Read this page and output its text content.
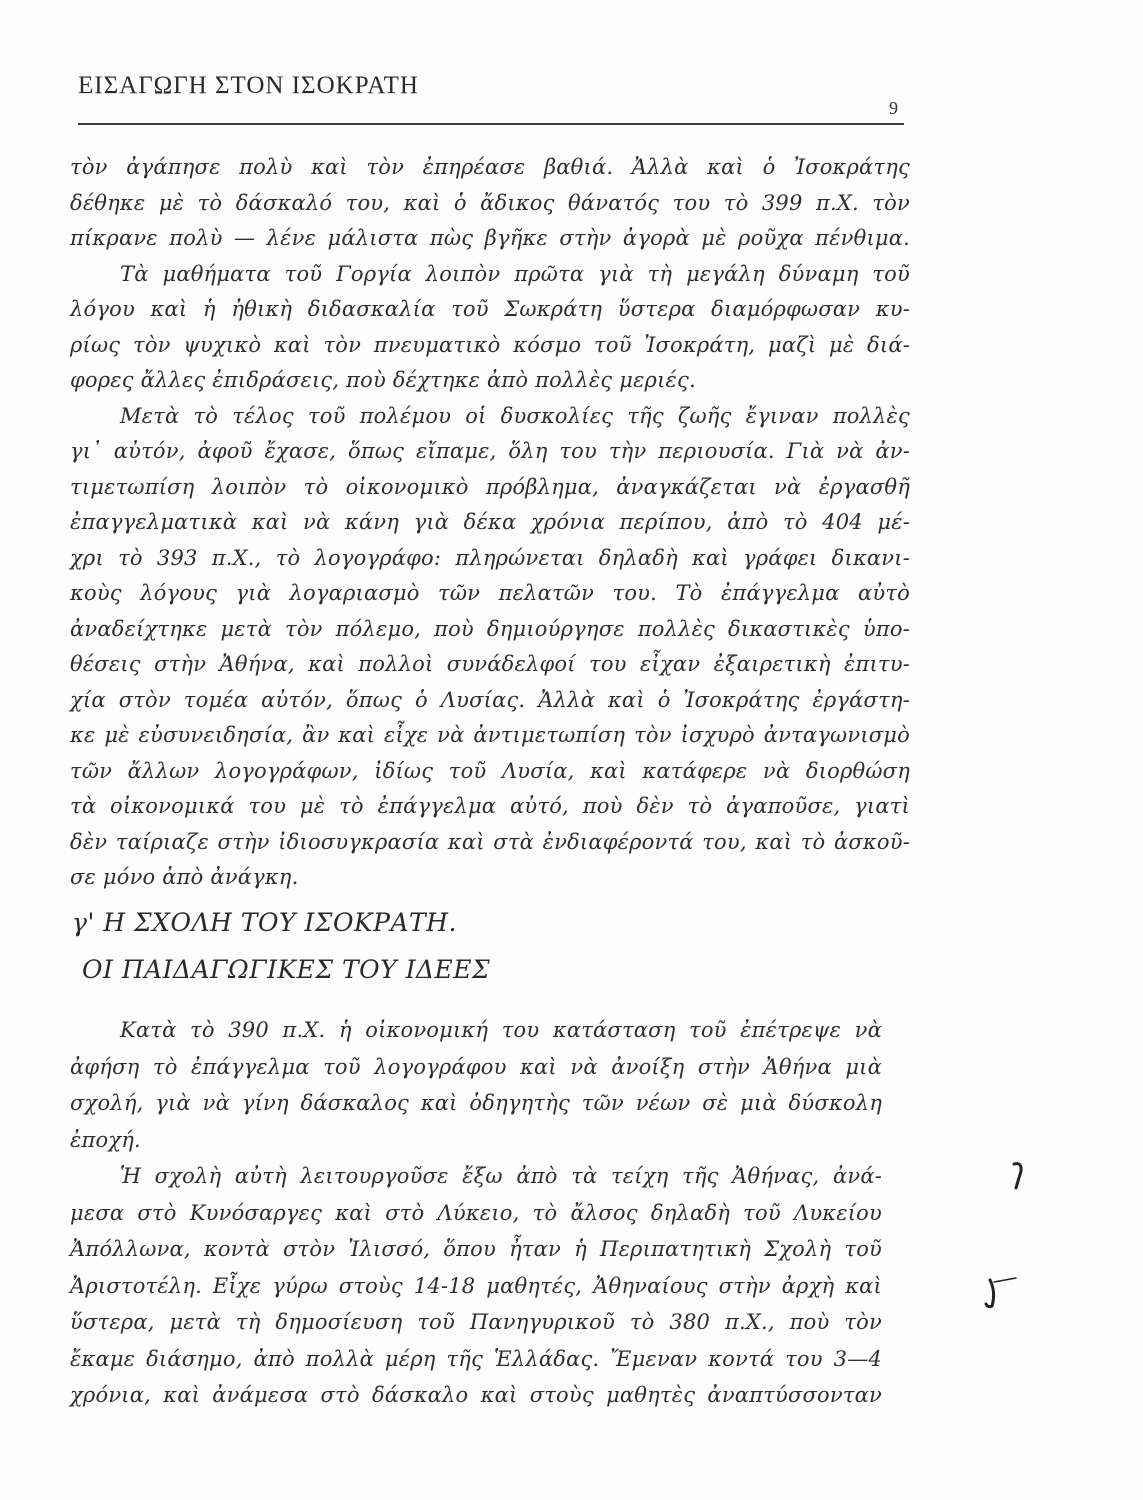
ΕΙΣΑΓΩΓΗ ΣΤΟΝ ΙΣΟΚΡΑΤΗ
9
τὸν ἀγάπησε πολὺ καὶ τὸν ἐπηρέασε βαθιά. Ἀλλὰ καὶ ὁ Ἰσοκράτης
δέθηκε μὲ τὸ δάσκαλό του, καὶ ὁ ἄδικος θάνατός του τὸ 399 π.Χ. τὸν
πίκρανε πολὺ — λένε μάλιστα πὼς βγῆκε στὴν ἀγορὰ μὲ ροῦχα πένθιμα.
Τὰ μαθήματα τοῦ Γοργία λοιπὸν πρῶτα γιὰ τὴ μεγάλη δύναμη τοῦ
λόγου καὶ ἡ ἠθικὴ διδασκαλία τοῦ Σωκράτη ὕστερα διαμόρφωσαν κυ-
ρίως τὸν ψυχικὸ καὶ τὸν πνευματικὸ κόσμο τοῦ Ἰσοκράτη, μαζὶ μὲ διά-
φορες ἄλλες ἐπιδράσεις, ποὺ δέχτηκε ἀπὸ πολλὲς μεριές.
Μετὰ τὸ τέλος τοῦ πολέμου οἱ δυσκολίες τῆς ζωῆς ἔγιναν πολλὲς
γι᾽ αὐτόν, ἀφοῦ ἔχασε, ὅπως εἴπαμε, ὅλη του τὴν περιουσία. Γιὰ νὰ ἀν-
τιμετωπίση λοιπὸν τὸ οἰκονομικὸ πρόβλημα, ἀναγκάζεται νὰ ἐργασθῆ
ἐπαγγελματικὰ καὶ νὰ κάνη γιὰ δέκα χρόνια περίπου, ἀπὸ τὸ 404 μέ-
χρι τὸ 393 π.Χ., τὸ λογογράφο: πληρώνεται δηλαδὴ καὶ γράφει δικανι-
κοὺς λόγους γιὰ λογαριασμὸ τῶν πελατῶν του. Τὸ ἐπάγγελμα αὐτὸ
ἀναδείχτηκε μετὰ τὸν πόλεμο, ποὺ δημιούργησε πολλὲς δικαστικὲς ὑπο-
θέσεις στὴν Ἀθήνα, καὶ πολλοὶ συνάδελφοί του εἶχαν ἐξαιρετικὴ ἐπιτυ-
χία στὸν τομέα αὐτόν, ὅπως ὁ Λυσίας. Ἀλλὰ καὶ ὁ Ἰσοκράτης ἐργάστη-
κε μὲ εὐσυνειδησία, ἂν καὶ εἶχε νὰ ἀντιμετωπίση τὸν ἰσχυρὸ ἀνταγωνισμὸ
τῶν ἄλλων λογογράφων, ἰδίως τοῦ Λυσία, καὶ κατάφερε νὰ διορθώση
τὰ οἰκονομικά του μὲ τὸ ἐπάγγελμα αὐτό, ποὺ δὲν τὸ ἀγαποῦσε, γιατὶ
δὲν ταίριαζε στὴν ἰδιοσυγκρασία καὶ στὰ ἐνδιαφέροντά του, καὶ τὸ ἀσκοῦ-
σε μόνο ἀπὸ ἀνάγκη.
γ' Η ΣΧΟΛΗ ΤΟΥ ΙΣΟΚΡΑΤΗ.
ΟΙ ΠΑΙΔΑΓΩΓΙΚΕΣ ΤΟΥ ΙΔΕΕΣ
Κατὰ τὸ 390 π.Χ. ἡ οἰκονομική του κατάσταση τοῦ ἐπέτρεψε νὰ
ἀφήση τὸ ἐπάγγελμα τοῦ λογογράφου καὶ νὰ ἀνοίξη στὴν Ἀθήνα μιὰ
σχολή, γιὰ νὰ γίνη δάσκαλος καὶ ὁδηγητὴς τῶν νέων σὲ μιὰ δύσκολη
ἐποχή.
Ἡ σχολὴ αὐτὴ λειτουργοῦσε ἔξω ἀπὸ τὰ τείχη τῆς Ἀθήνας, ἀνά-
μεσα στὸ Κυνόσαργες καὶ στὸ Λύκειο, τὸ ἄλσος δηλαδὴ τοῦ Λυκείου
Ἀπόλλωνα, κοντὰ στὸν Ἰλισσό, ὅπου ἦταν ἡ Περιπατητικὴ Σχολὴ τοῦ
Ἀριστοτέλη. Εἶχε γύρω στοὺς 14-18 μαθητές, Ἀθηναίους στὴν ἀρχὴ καὶ
ὕστερα, μετὰ τὴ δημοσίευση τοῦ Πανηγυρικοῦ τὸ 380 π.Χ., ποὺ τὸν
ἔκαμε διάσημο, ἀπὸ πολλὰ μέρη τῆς Ἑλλάδας. Ἔμεναν κοντά του 3—4
χρόνια, καὶ ἀνάμεσα στὸ δάσκαλο καὶ στοὺς μαθητὲς ἀναπτύσσονταν
